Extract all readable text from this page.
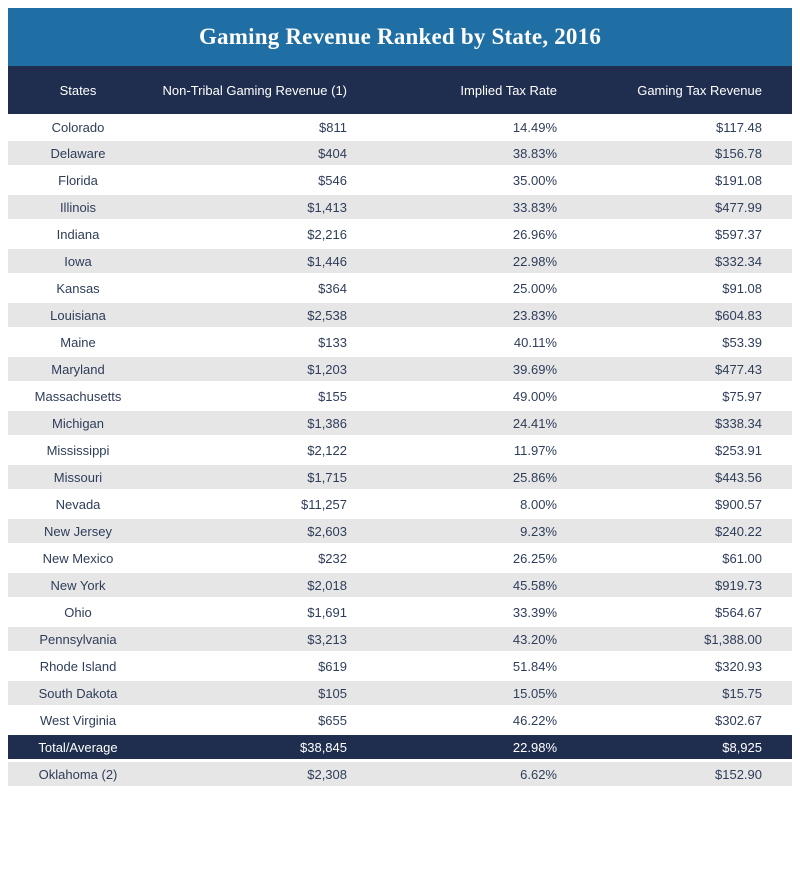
Gaming Revenue Ranked by State, 2016
States	Non-Tribal Gaming Revenue (1)	Implied Tax Rate	Gaming Tax Revenue
Colorado	$811	14.49%	$117.48
Delaware	$404	38.83%	$156.78
Florida	$546	35.00%	$191.08
Illinois	$1,413	33.83%	$477.99
Indiana	$2,216	26.96%	$597.37
Iowa	$1,446	22.98%	$332.34
Kansas	$364	25.00%	$91.08
Louisiana	$2,538	23.83%	$604.83
Maine	$133	40.11%	$53.39
Maryland	$1,203	39.69%	$477.43
Massachusetts	$155	49.00%	$75.97
Michigan	$1,386	24.41%	$338.34
Mississippi	$2,122	11.97%	$253.91
Missouri	$1,715	25.86%	$443.56
Nevada	$11,257	8.00%	$900.57
New Jersey	$2,603	9.23%	$240.22
New Mexico	$232	26.25%	$61.00
New York	$2,018	45.58%	$919.73
Ohio	$1,691	33.39%	$564.67
Pennsylvania	$3,213	43.20%	$1,388.00
Rhode Island	$619	51.84%	$320.93
South Dakota	$105	15.05%	$15.75
West Virginia	$655	46.22%	$302.67
Total/Average	$38,845	22.98%	$8,925
Oklahoma (2)	$2,308	6.62%	$152.90
